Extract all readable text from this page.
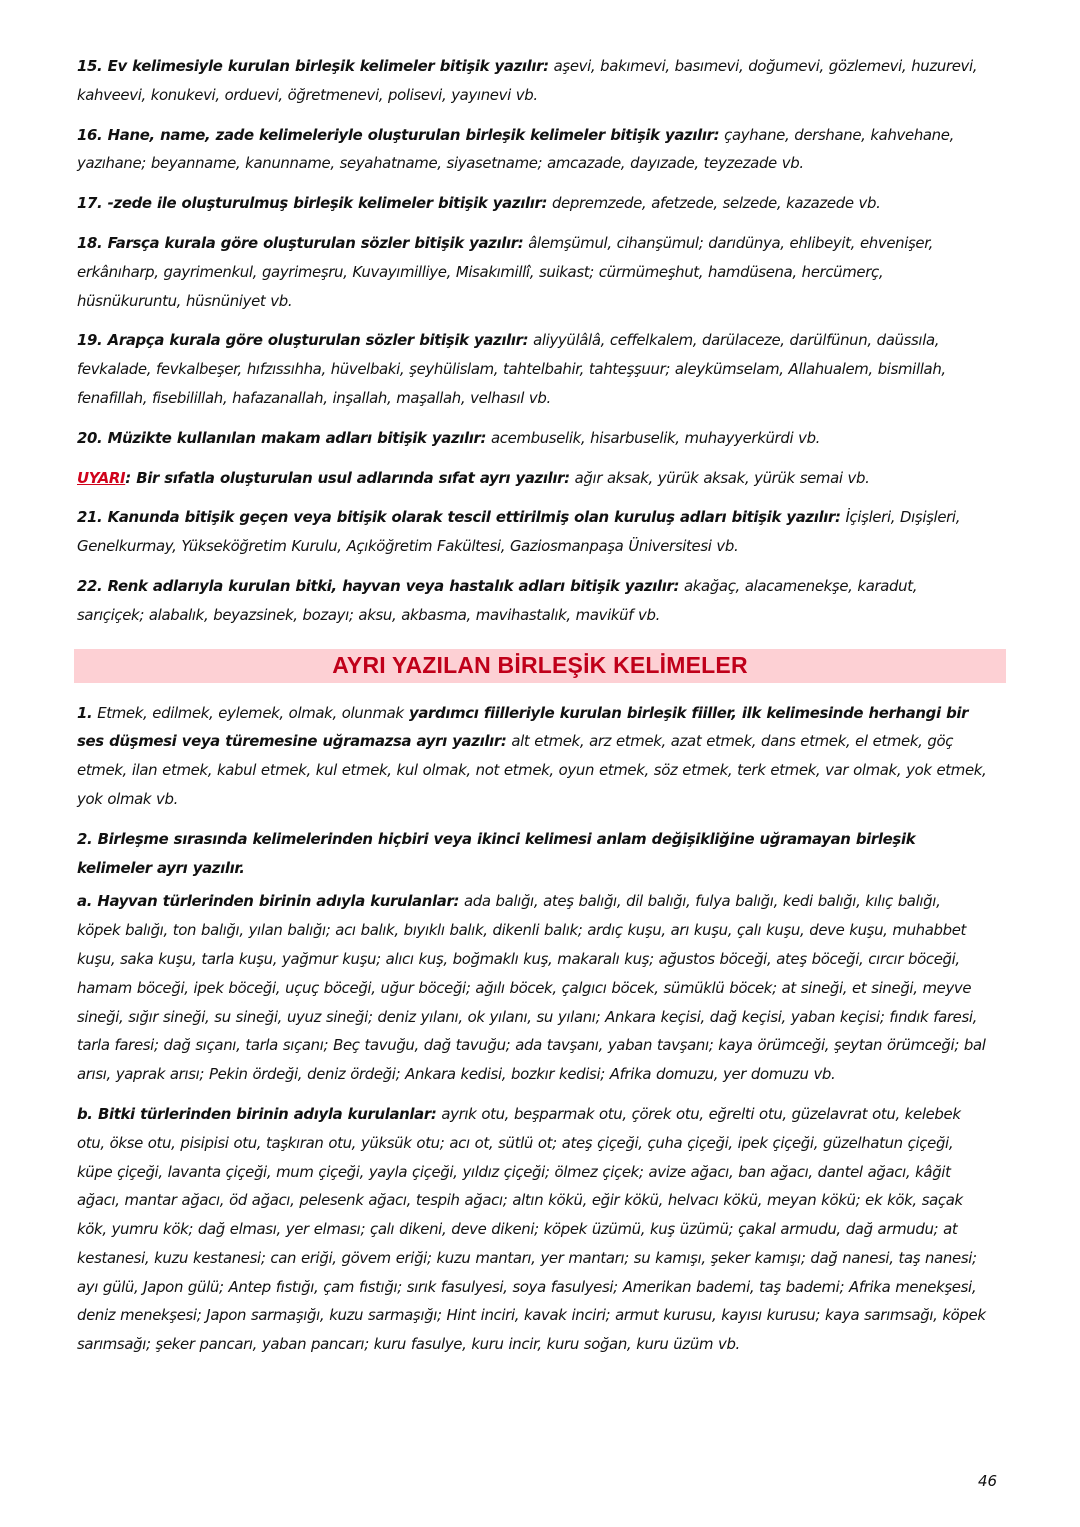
15. Ev kelimesiyle kurulan birleşik kelimeler bitişik yazılır: aşevi, bakımevi, basımevi, doğumevi, gözlemevi, huzurevi, kahveevi, konukevi, orduevi, öğretmenevi, polisevi, yayınevi vb.

16. Hane, name, zade kelimeleriyle oluşturulan birleşik kelimeler bitişik yazılır: çayhane, dershane, kahvehane, yazıhane; beyanname, kanunname, seyahatname, siyasetname; amcazade, dayızade, teyzezade vb.

17. -zede ile oluşturulmuş birleşik kelimeler bitişik yazılır: depremzede, afetzede, selzede, kazazede vb.

18. Farsça kurala göre oluşturulan sözler bitişik yazılır: âlemşümul, cihanşümul; darıdünya, ehlibeyit, ehvenişer, erkânıharp, gayrimenkul, gayrimeşru, Kuvayımilliye, Misakımillî, suikast; cürmümeşhut, hamdüsena, hercümerç, hüsnükuruntu, hüsnüniyet vb.

19. Arapça kurala göre oluşturulan sözler bitişik yazılır: aliyyülâlâ, ceffelkalem, darülaceze, darülfünun, daüssıla, fevkalade, fevkalbeşer, hıfzıssıhha, hüvelbaki, şeyhülislam, tahtelbahir, tahteşşuur; aleykümselam, Allahualem, bismillah, fenafillah, fisebilillah, hafazanallah, inşallah, maşallah, velhasıl vb.

20. Müzikte kullanılan makam adları bitişik yazılır: acembuselik, hisarbuselik, muhayyerkürdi vb.

UYARI: Bir sıfatla oluşturulan usul adlarında sıfat ayrı yazılır: ağır aksak, yürük aksak, yürük semai vb.

21. Kanunda bitişik geçen veya bitişik olarak tescil ettirilmiş olan kuruluş adları bitişik yazılır: İçişleri, Dışişleri, Genelkurmay, Yükseköğretim Kurulu, Açıköğretim Fakültesi, Gaziosmanpaşa Üniversitesi vb.

22. Renk adlarıyla kurulan bitki, hayvan veya hastalık adları bitişik yazılır: akağaç, alacamenekşe, karadut, sarıçiçek; alabalık, beyazsinek, bozayı; aksu, akbasma, mavihastalık, maviküf vb.

AYRI YAZILAN BİRLEŞİK KELİMELER

1. Etmek, edilmek, eylemek, olmak, olunmak yardımcı fiilleriyle kurulan birleşik fiiller, ilk kelimesinde herhangi bir ses düşmesi veya türemesine uğramazsa ayrı yazılır: alt etmek, arz etmek, azat etmek, dans etmek, el etmek, göç etmek, ilan etmek, kabul etmek, kul etmek, kul olmak, not etmek, oyun etmek, söz etmek, terk etmek, var olmak, yok etmek, yok olmak vb.

2. Birleşme sırasında kelimelerinden hiçbiri veya ikinci kelimesi anlam değişikliğine uğramayan birleşik kelimeler ayrı yazılır.

a. Hayvan türlerinden birinin adıyla kurulanlar: ada balığı, ateş balığı, dil balığı, fulya balığı, kedi balığı, kılıç balığı, köpek balığı, ton balığı, yılan balığı; acı balık, bıyıklı balık, dikenli balık; ardıç kuşu, arı kuşu, çalı kuşu, deve kuşu, muhabbet kuşu, saka kuşu, tarla kuşu, yağmur kuşu; alıcı kuş, boğmaklı kuş, makaralı kuş; ağustos böceği, ateş böceği, cırcır böceği, hamam böceği, ipek böceği, uçuç böceği, uğur böceği; ağılı böcek, çalgıcı böcek, sümüklü böcek; at sineği, et sineği, meyve sineği, sığır sineği, su sineği, uyuz sineği; deniz yılanı, ok yılanı, su yılanı; Ankara keçisi, dağ keçisi, yaban keçisi; fındık faresi, tarla faresi; dağ sıçanı, tarla sıçanı; Beç tavuğu, dağ tavuğu; ada tavşanı, yaban tavşanı; kaya örümceği, şeytan örümceği; bal arısı, yaprak arısı; Pekin ördeği, deniz ördeği; Ankara kedisi, bozkır kedisi; Afrika domuzu, yer domuzu vb.

b. Bitki türlerinden birinin adıyla kurulanlar: ayrık otu, beşparmak otu, çörek otu, eğrelti otu, güzelavrat otu, kelebek otu, ökse otu, pisipisi otu, taşkıran otu, yüksük otu; acı ot, sütlü ot; ateş çiçeği, çuha çiçeği, ipek çiçeği, güzelhatun çiçeği, küpe çiçeği, lavanta çiçeği, mum çiçeği, yayla çiçeği, yıldız çiçeği; ölmez çiçek; avize ağacı, ban ağacı, dantel ağacı, kâğit ağacı, mantar ağacı, öd ağacı, pelesenk ağacı, tespih ağacı; altın kökü, eğir kökü, helvacı kökü, meyan kökü; ek kök, saçak kök, yumru kök; dağ elması, yer elması; çalı dikeni, deve dikeni; köpek üzümü, kuş üzümü; çakal armudu, dağ armudu; at kestanesi, kuzu kestanesi; can eriği, gövem eriği; kuzu mantarı, yer mantarı; su kamışı, şeker kamışı; dağ nanesi, taş nanesi; ayı gülü, Japon gülü; Antep fıstığı, çam fıstığı; sırık fasulyesi, soya fasulyesi; Amerikan bademi, taş bademi; Afrika menekşesi, deniz menekşesi; Japon sarmaşığı, kuzu sarmaşığı; Hint inciri, kavak inciri; armut kurusu, kayısı kurusu; kaya sarımsağı, köpek sarımsağı; şeker pancarı, yaban pancarı; kuru fasulye, kuru incir, kuru soğan, kuru üzüm vb.

46
